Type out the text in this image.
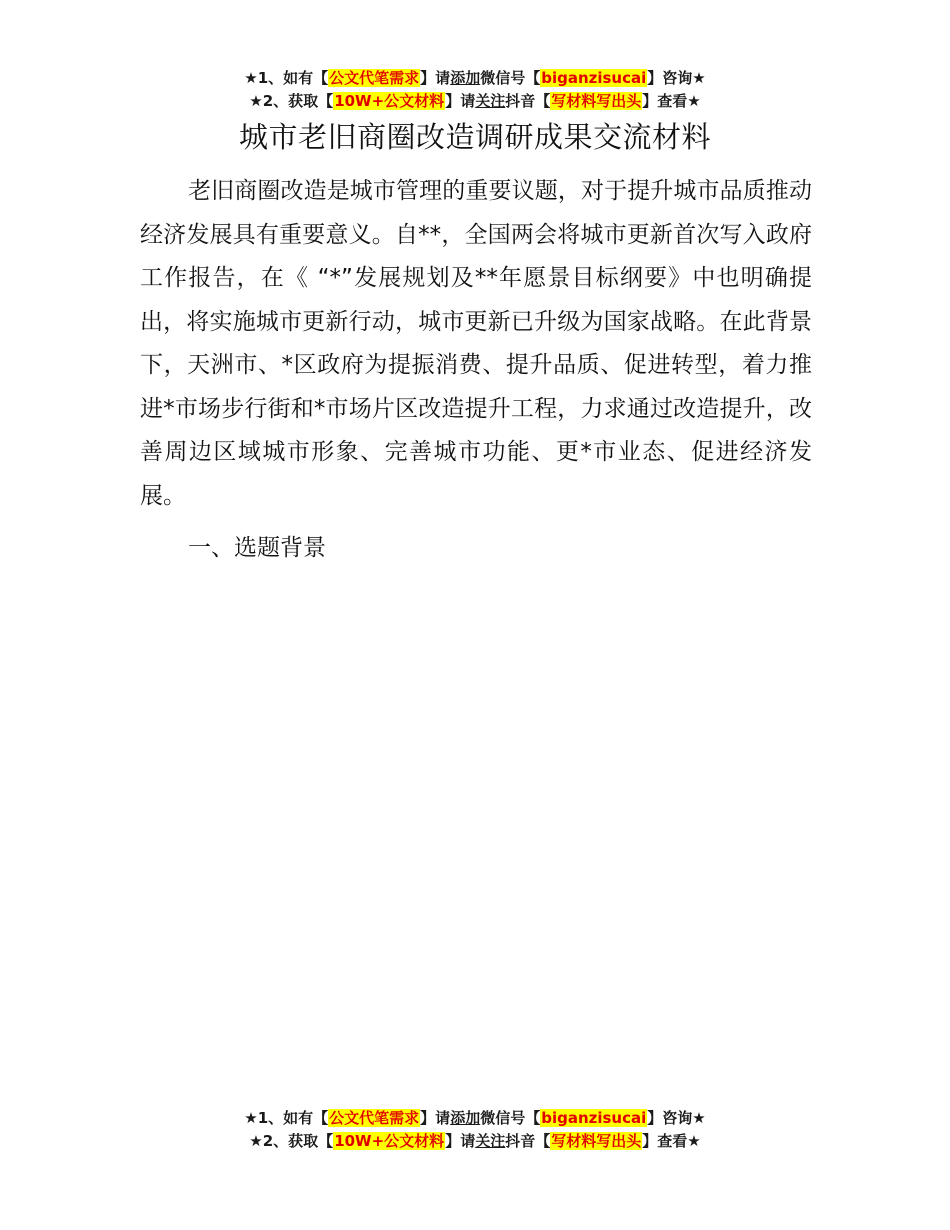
★1、如有【公文代笔需求】请添加微信号【biganzisucai】咨询★
★2、获取【10W+公文材料】请关注抖音【写材料写出头】查看★
城市老旧商圈改造调研成果交流材料

老旧商圈改造是城市管理的重要议题，对于提升城市品质推动经济发展具有重要意义。自**，全国两会将城市更新首次写入政府工作报告，在《 “*”发展规划及**年愿景目标纲要》中也明确提出，将实施城市更新行动，城市更新已升级为国家战略。在此背景下，天洲市、*区政府为提振消费、提升品质、促进转型，着力推进*市场步行街和*市场片区改造提升工程，力求通过改造提升，改善周边区域城市形象、完善城市功能、更*市业态、促进经济发展。

一、选题背景
★1、如有【公文代笔需求】请添加微信号【biganzisucai】咨询★
★2、获取【10W+公文材料】请关注抖音【写材料写出头】查看★
